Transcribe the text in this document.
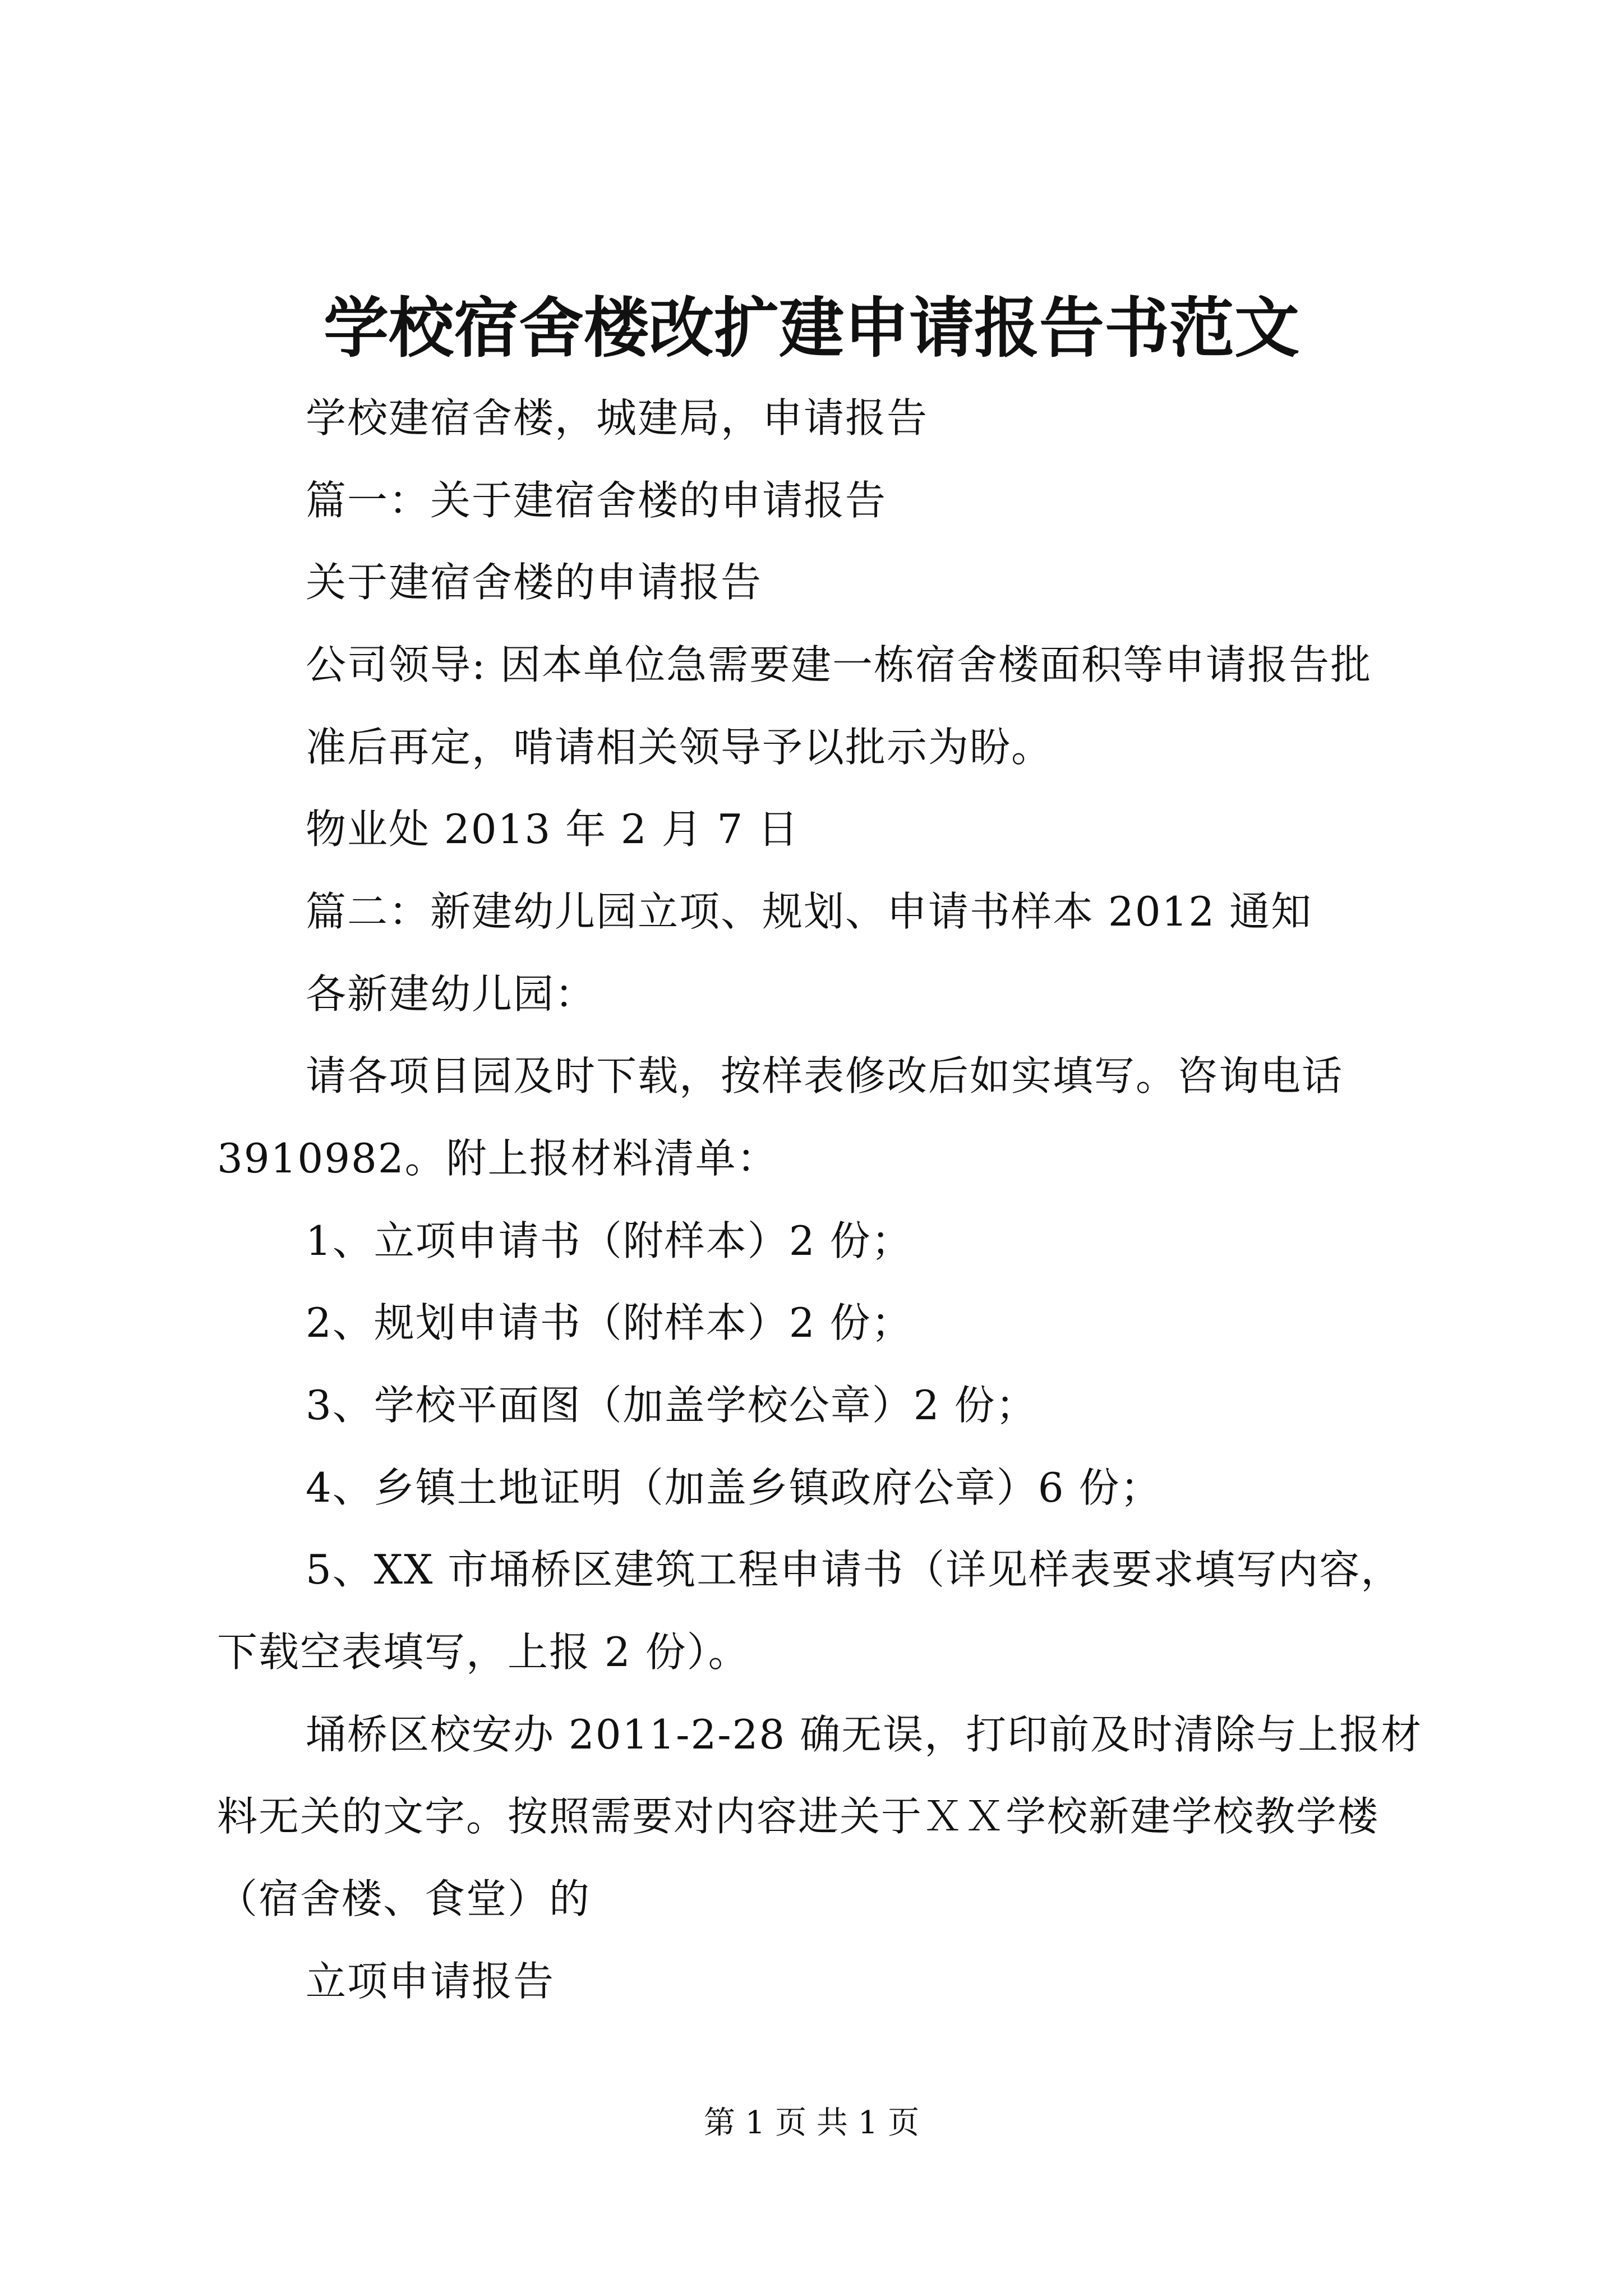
学校宿舍楼改扩建申请报告书范文
学校建宿舍楼，城建局，申请报告
篇一：关于建宿舍楼的申请报告
关于建宿舍楼的申请报告
公司领导: 因本单位急需要建一栋宿舍楼面积等申请报告批
准后再定，啃请相关领导予以批示为盼。
物业处 2013 年 2 月 7 日
篇二：新建幼儿园立项、规划、申请书样本 2012 通知
各新建幼儿园：
请各项目园及时下载，按样表修改后如实填写。咨询电话
3910982。附上报材料清单：
1、立项申请书（附样本）2 份；
2、规划申请书（附样本）2 份；
3、学校平面图（加盖学校公章）2 份；
4、乡镇土地证明（加盖乡镇政府公章）6 份；
5、XX 市埇桥区建筑工程申请书（详见样表要求填写内容，
下载空表填写，上报 2 份）。
埇桥区校安办 2011-2-28 确无误，打印前及时清除与上报材
料无关的文字。按照需要对内容进关于ＸＸ学校新建学校教学楼
（宿舍楼、食堂）的
立项申请报告
第 1 页 共 1 页
